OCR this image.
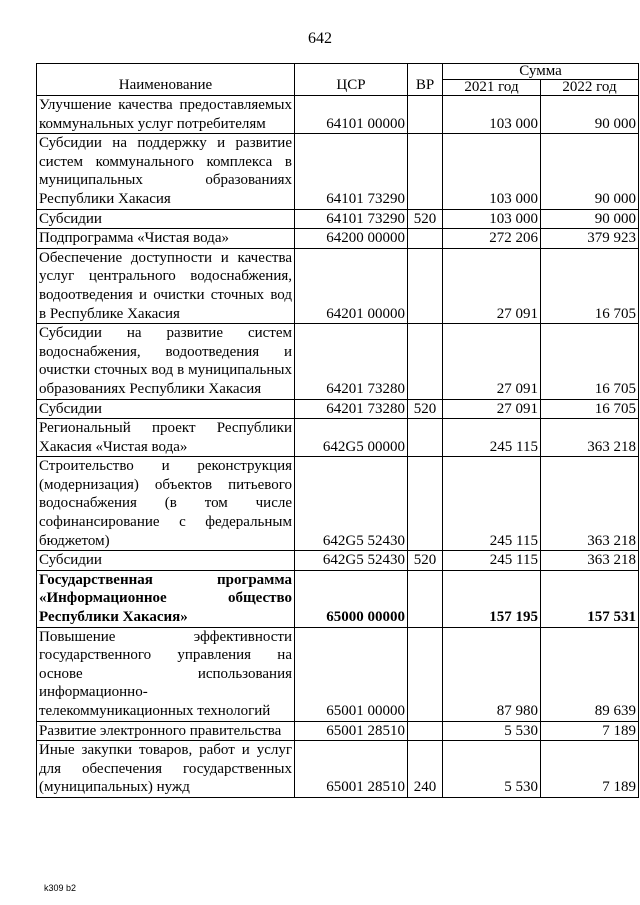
642
Наименование	ЦСР	ВР	Сумма	
			2021 год	2022 год
Улучшение качества предоставляемых коммунальных услуг потребителям	64101 00000		103 000	90 000
Субсидии на поддержку и развитие систем коммунального комплекса в муниципальных образованиях Республики Хакасия	64101 73290		103 000	90 000
Субсидии	64101 73290	520	103 000	90 000
Подпрограмма «Чистая вода»	64200 00000		272 206	379 923
Обеспечение доступности и качества услуг центрального водоснабжения, водоотведения и очистки сточных вод в Республике Хакасия	64201 00000		27 091	16 705
Субсидии на развитие систем водоснабжения, водоотведения и очистки сточных вод в муниципальных образованиях Республики Хакасия	64201 73280		27 091	16 705
Субсидии	64201 73280	520	27 091	16 705
Региональный проект Республики Хакасия «Чистая вода»	642G5 00000		245 115	363 218
Строительство и реконструкция (модернизация) объектов питьевого водоснабжения (в том числе софинансирование с федеральным бюджетом)	642G5 52430		245 115	363 218
Субсидии	642G5 52430	520	245 115	363 218
Государственная программа «Информационное общество Республики Хакасия»	65000 00000		157 195	157 531
Повышение эффективности государственного управления на основе использования информационно-телекоммуникационных технологий	65001 00000		87 980	89 639
Развитие электронного правительства	65001 28510		5 530	7 189
Иные закупки товаров, работ и услуг для обеспечения государственных (муниципальных) нужд	65001 28510	240	5 530	7 189
k309 b2
